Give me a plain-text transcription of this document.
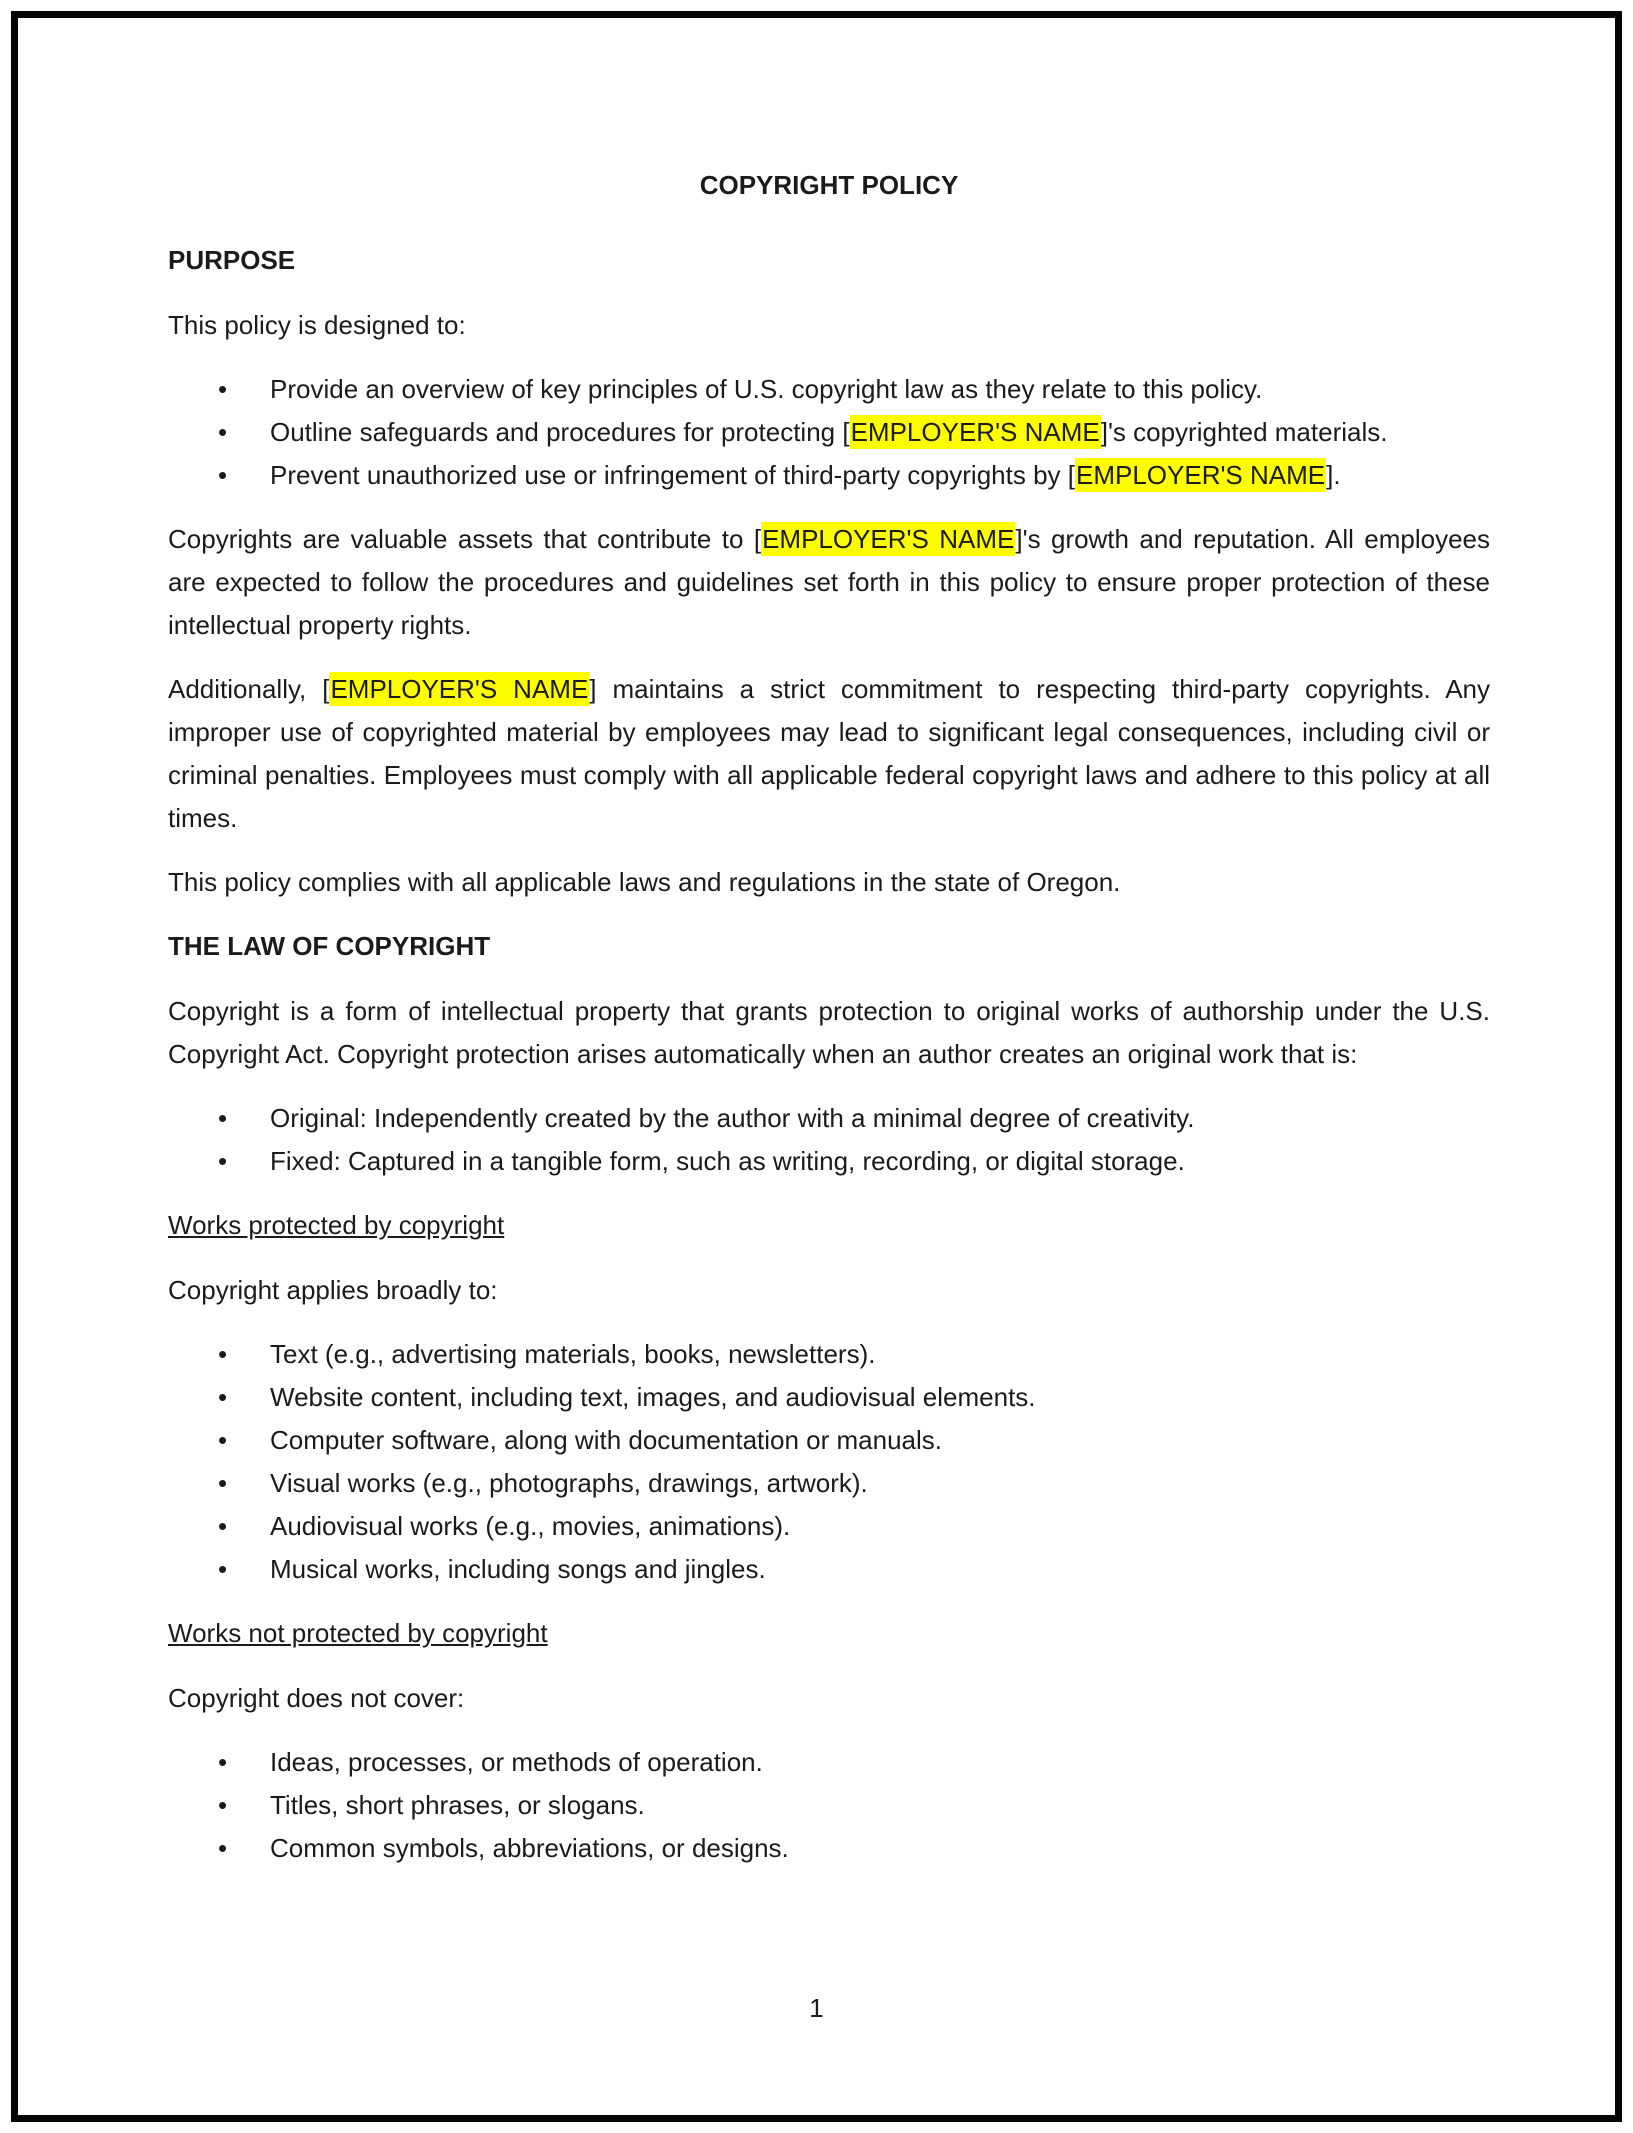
COPYRIGHT POLICY

PURPOSE

This policy is designed to:

• Provide an overview of key principles of U.S. copyright law as they relate to this policy.
• Outline safeguards and procedures for protecting [EMPLOYER'S NAME]'s copyrighted materials.
• Prevent unauthorized use or infringement of third-party copyrights by [EMPLOYER'S NAME].

Copyrights are valuable assets that contribute to [EMPLOYER'S NAME]'s growth and reputation. All employees are expected to follow the procedures and guidelines set forth in this policy to ensure proper protection of these intellectual property rights.

Additionally, [EMPLOYER'S NAME] maintains a strict commitment to respecting third-party copyrights. Any improper use of copyrighted material by employees may lead to significant legal consequences, including civil or criminal penalties. Employees must comply with all applicable federal copyright laws and adhere to this policy at all times.

This policy complies with all applicable laws and regulations in the state of Oregon.

THE LAW OF COPYRIGHT

Copyright is a form of intellectual property that grants protection to original works of authorship under the U.S. Copyright Act. Copyright protection arises automatically when an author creates an original work that is:

• Original: Independently created by the author with a minimal degree of creativity.
• Fixed: Captured in a tangible form, such as writing, recording, or digital storage.

Works protected by copyright

Copyright applies broadly to:

• Text (e.g., advertising materials, books, newsletters).
• Website content, including text, images, and audiovisual elements.
• Computer software, along with documentation or manuals.
• Visual works (e.g., photographs, drawings, artwork).
• Audiovisual works (e.g., movies, animations).
• Musical works, including songs and jingles.

Works not protected by copyright

Copyright does not cover:

• Ideas, processes, or methods of operation.
• Titles, short phrases, or slogans.
• Common symbols, abbreviations, or designs.
1
